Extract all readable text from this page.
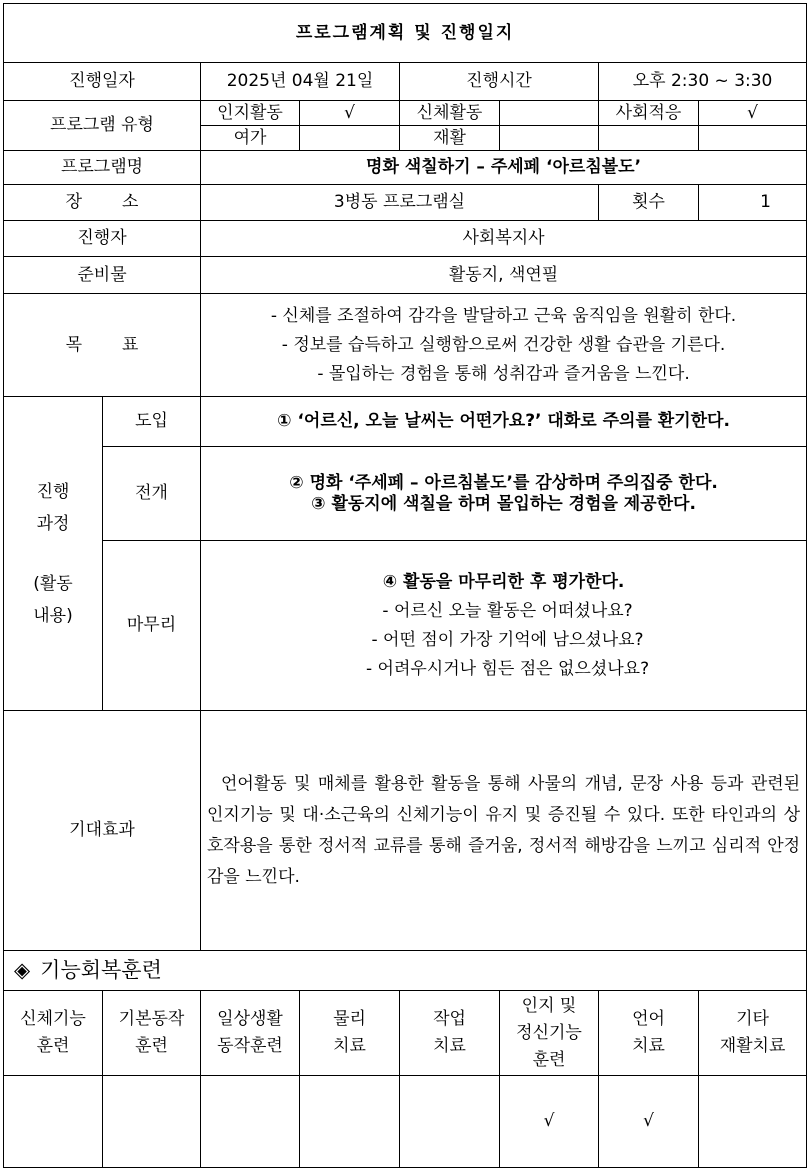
프로그램계획 및 진행일지							
진행일자		2025년 04월 21일		진행시간		오후 2:30 ~ 3:30	
프로그램 유형		인지활동	√	신체활동		사회적응	√
		여가		재활			
프로그램명		명화 색칠하기 – 주세페 ‘아르침볼도’					
장소		3병동 프로그램실				횟수	1
진행자		사회복지사					
준비물		활동지, 색연필					
목표		- 신체를 조절하여 감각을 발달하고 근육 움직임을 원활히 한다.
- 정보를 습득하고 실행함으로써 건강한 생활 습관을 기른다.
- 몰입하는 경험을 통해 성취감과 즐거움을 느낀다.					

진행
과정
(활동
내용)	도입	① ‘어르신, 오늘 날씨는 어떤가요?’ 대화로 주의를 환기한다.					
	전개	② 명화 ‘주세페 – 아르침볼도’를 감상하며 주의집중 한다.
③ 활동지에 색칠을 하며 몰입하는 경험을 제공한다.					

	마무리	④ 활동을 마무리한 후 평가한다.
- 어르신 오늘 활동은 어떠셨나요?
- 어떤 점이 가장 기억에 남으셨나요?
- 어려우시거나 힘든 점은 없으셨나요?					

기대효과		언어활동 및 매체를 활용한 활동을 통해 사물의 개념, 문장 사용 등과 관련된 인지기능 및 대·소근육의 신체기능이 유지 및 증진될 수 있다. 또한 타인과의 상호작용을 통한 정서적 교류를 통해 즐거움, 정서적 해방감을 느끼고 심리적 안정감을 느낀다.					

◈ 기능회복훈련							

신체기능
훈련	기본동작
훈련	일상생활
동작훈련	물리
치료	작업
치료	인지 및
정신기능
훈련	언어
치료	기타
재활치료

					√	√	
